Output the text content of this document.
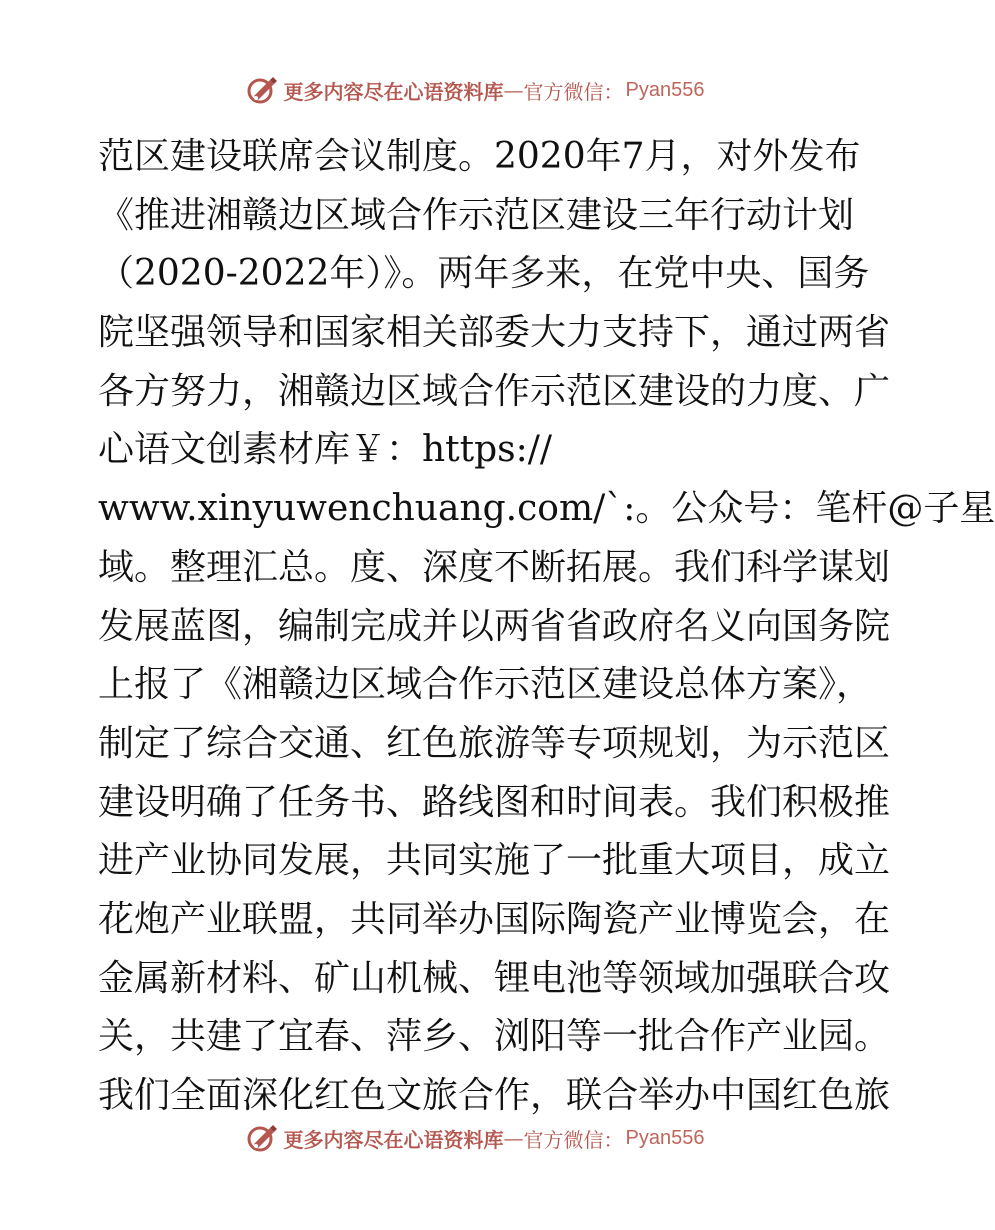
更多内容尽在心语资料库 — 官方微信： Pyan556
范区建设联席会议制度。2020年7月，对外发布
《推进湘赣边区域合作示范区建设三年行动计划
（2020-2022年）》。两年多来，在党中央、国务
院坚强领导和国家相关部委大力支持下，通过两省
各方努力，湘赣边区域合作示范区建设的力度、广
心语文创素材库￥：https://
www.xinyuwenchuang.com/`:。公众号：笔杆@子星
域。整理汇总。度、深度不断拓展。我们科学谋划
发展蓝图，编制完成并以两省省政府名义向国务院
上报了《湘赣边区域合作示范区建设总体方案》，
制定了综合交通、红色旅游等专项规划，为示范区
建设明确了任务书、路线图和时间表。我们积极推
进产业协同发展，共同实施了一批重大项目，成立
花炮产业联盟，共同举办国际陶瓷产业博览会，在
金属新材料、矿山机械、锂电池等领域加强联合攻
关，共建了宜春、萍乡、浏阳等一批合作产业园。
我们全面深化红色文旅合作，联合举办中国红色旅
更多内容尽在心语资料库 — 官方微信： Pyan556
